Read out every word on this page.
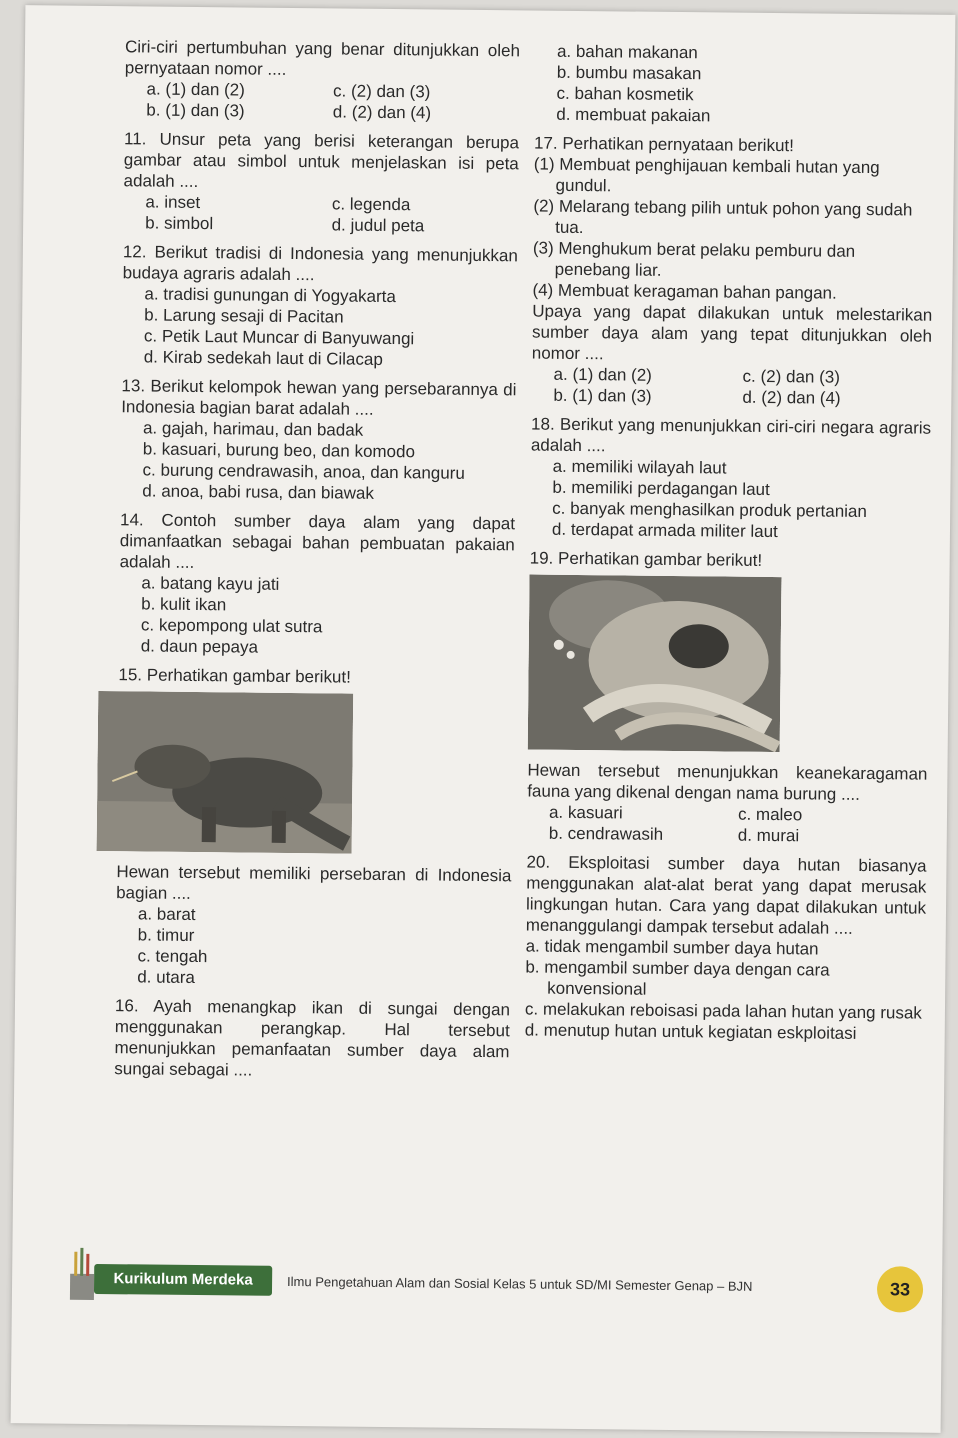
Ciri-ciri pertumbuhan yang benar ditunjukkan oleh pernyataan nomor ....
a. (1) dan (2)	c. (2) dan (3)
b. (1) dan (3)	d. (2) dan (4)
11. Unsur peta yang berisi keterangan berupa gambar atau simbol untuk menjelaskan isi peta adalah ....
a. inset	c. legenda
b. simbol	d. judul peta
12. Berikut tradisi di Indonesia yang menunjukkan budaya agraris adalah ....
a. tradisi gunungan di Yogyakarta
b. Larung sesaji di Pacitan
c. Petik Laut Muncar di Banyuwangi
d. Kirab sedekah laut di Cilacap
13. Berikut kelompok hewan yang persebarannya di Indonesia bagian barat adalah ....
a. gajah, harimau, dan badak
b. kasuari, burung beo, dan komodo
c. burung cendrawasih, anoa, dan kanguru
d. anoa, babi rusa, dan biawak
14. Contoh sumber daya alam yang dapat dimanfaatkan sebagai bahan pembuatan pakaian adalah ....
a. batang kayu jati
b. kulit ikan
c. kepompong ulat sutra
d. daun pepaya
15. Perhatikan gambar berikut!
Hewan tersebut memiliki persebaran di Indonesia bagian ....
a. barat
b. timur
c. tengah
d. utara
16. Ayah menangkap ikan di sungai dengan menggunakan perangkap. Hal tersebut menunjukkan pemanfaatan sumber daya alam sungai sebagai ....
a. bahan makanan
b. bumbu masakan
c. bahan kosmetik
d. membuat pakaian
17. Perhatikan pernyataan berikut!
(1) Membuat penghijauan kembali hutan yang gundul.
(2) Melarang tebang pilih untuk pohon yang sudah tua.
(3) Menghukum berat pelaku pemburu dan penebang liar.
(4) Membuat keragaman bahan pangan.
Upaya yang dapat dilakukan untuk melestarikan sumber daya alam yang tepat ditunjukkan oleh nomor ....
a. (1) dan (2)	c. (2) dan (3)
b. (1) dan (3)	d. (2) dan (4)
18. Berikut yang menunjukkan ciri-ciri negara agraris adalah ....
a. memiliki wilayah laut
b. memiliki perdagangan laut
c. banyak menghasilkan produk pertanian
d. terdapat armada militer laut
19. Perhatikan gambar berikut!
Hewan tersebut menunjukkan keanekaragaman fauna yang dikenal dengan nama burung ....
a. kasuari	c. maleo
b. cendrawasih	d. murai
20. Eksploitasi sumber daya hutan biasanya menggunakan alat-alat berat yang dapat merusak lingkungan hutan. Cara yang dapat dilakukan untuk menanggulangi dampak tersebut adalah ....
a. tidak mengambil sumber daya hutan
b. mengambil sumber daya dengan cara konvensional
c. melakukan reboisasi pada lahan hutan yang rusak
d. menutup hutan untuk kegiatan eskploitasi
Kurikulum Merdeka	Ilmu Pengetahuan Alam dan Sosial Kelas 5 untuk SD/MI Semester Genap – BJN	33
